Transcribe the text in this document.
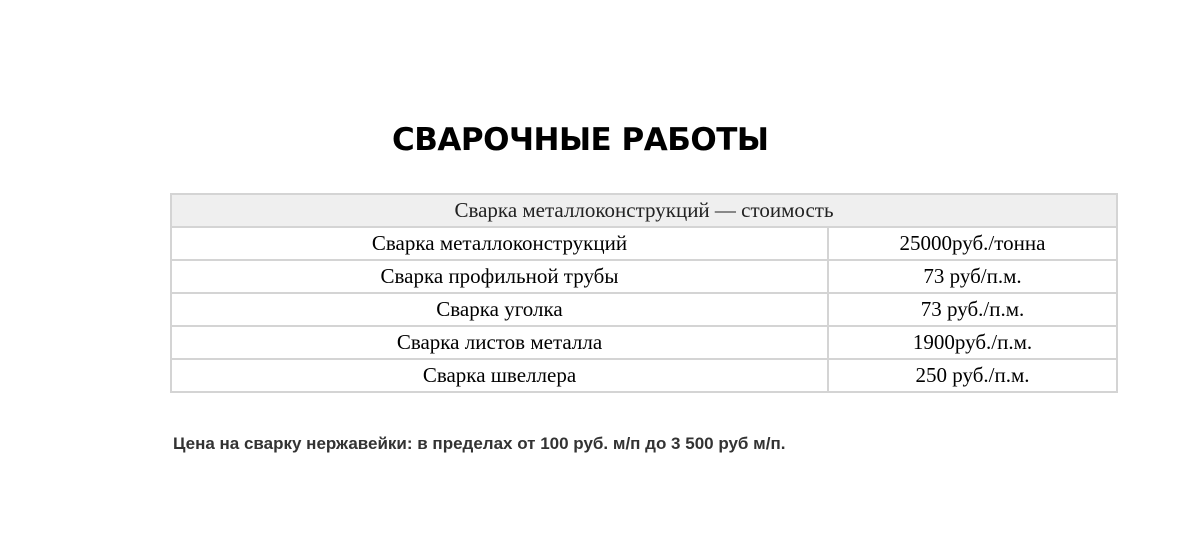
СВАРОЧНЫЕ РАБОТЫ
Сварка металлоконструкций — стоимость	
Сварка металлоконструкций	25000руб./тонна
Сварка профильной трубы	73 руб/п.м.
Сварка уголка	73 руб./п.м.
Сварка листов металла	1900руб./п.м.
Сварка швеллера	250 руб./п.м.

Цена на сварку нержавейки: в пределах от 100 руб. м/п до 3 500 руб м/п.
